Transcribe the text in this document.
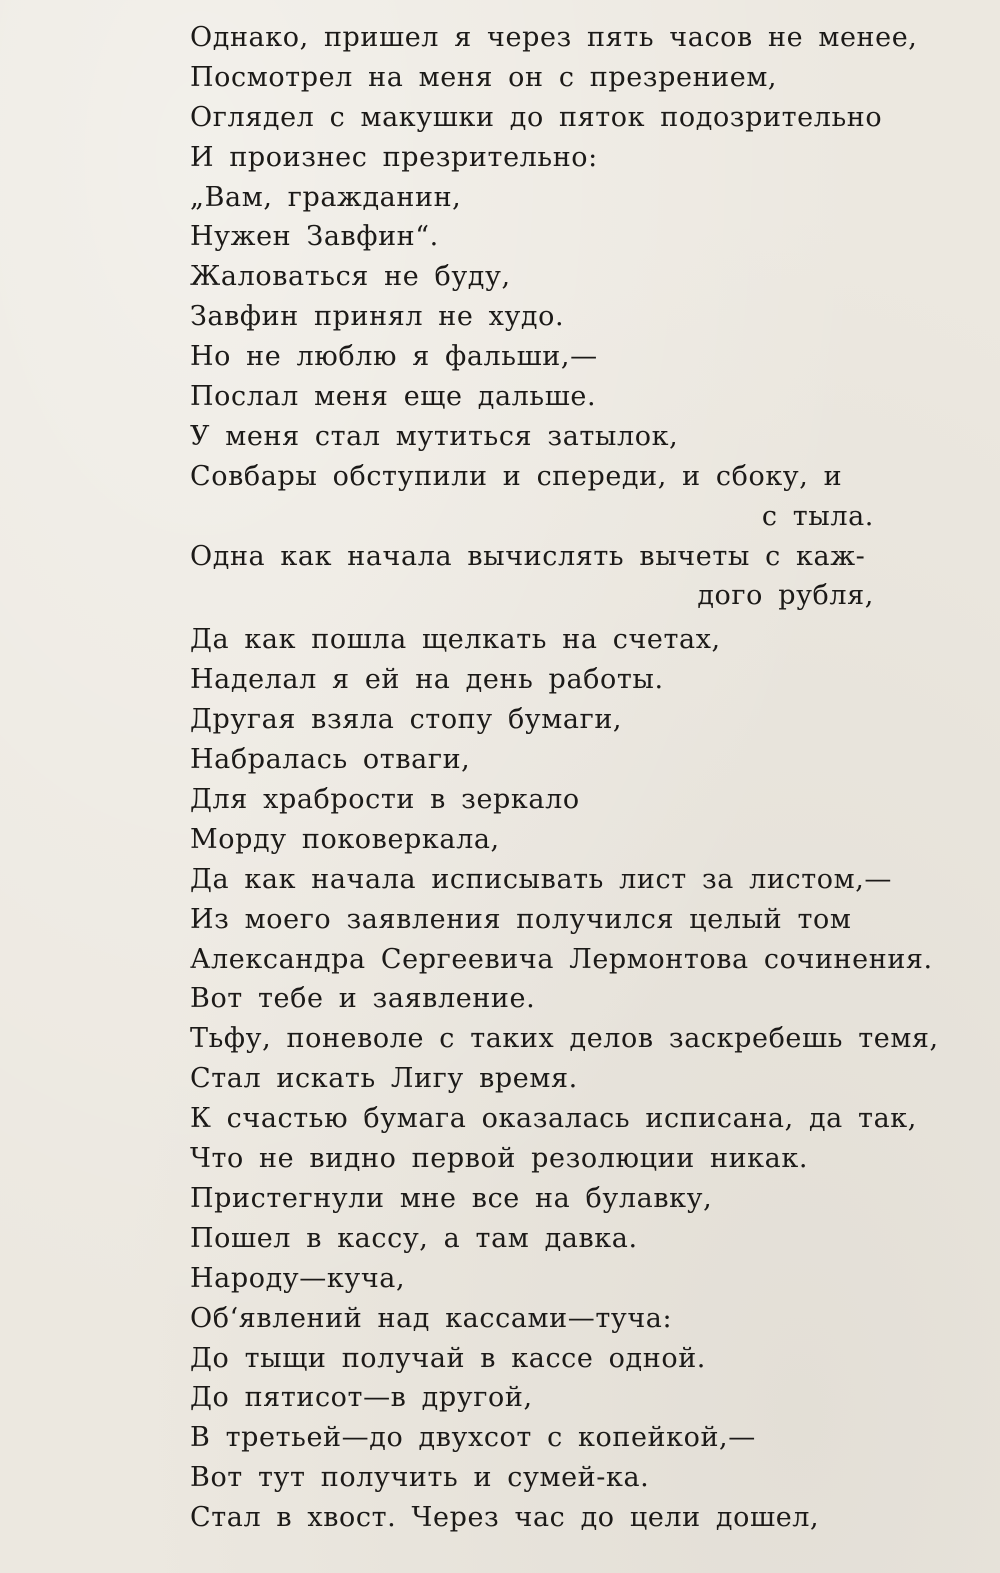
Однако, пришел я через пять часов не менее,
Посмотрел на меня он с презрением,
Оглядел с макушки до пяток подозрительно
И произнес презрительно:
„Вам, гражданин,
Нужен Завфин“.
Жаловаться не буду,
Завфин принял не худо.
Но не люблю я фальши,—
Послал меня еще дальше.
У меня стал мутиться затылок,
Совбары обступили и спереди, и сбоку, и
с тыла.
Одна как начала вычислять вычеты с каж-
дого рубля,
Да как пошла щелкать на счетах,
Наделал я ей на день работы.
Другая взяла стопу бумаги,
Набралась отваги,
Для храбрости в зеркало
Морду поковеркала,
Да как начала исписывать лист за листом,—
Из моего заявления получился целый том
Александра Сергеевича Лермонтова сочинения.
Вот тебе и заявление.
Тьфу, поневоле с таких делов заскребешь темя,
Стал искать Лигу время.
К счастью бумага оказалась исписана, да так,
Что не видно первой резолюции никак.
Пристегнули мне все на булавку,
Пошел в кассу, а там давка.
Народу—куча,
Об‘явлений над кассами—туча:
До тыщи получай в кассе одной.
До пятисот—в другой,
В третьей—до двухсот с копейкой,—
Вот тут получить и сумей-ка.
Стал в хвост. Через час до цели дошел,
